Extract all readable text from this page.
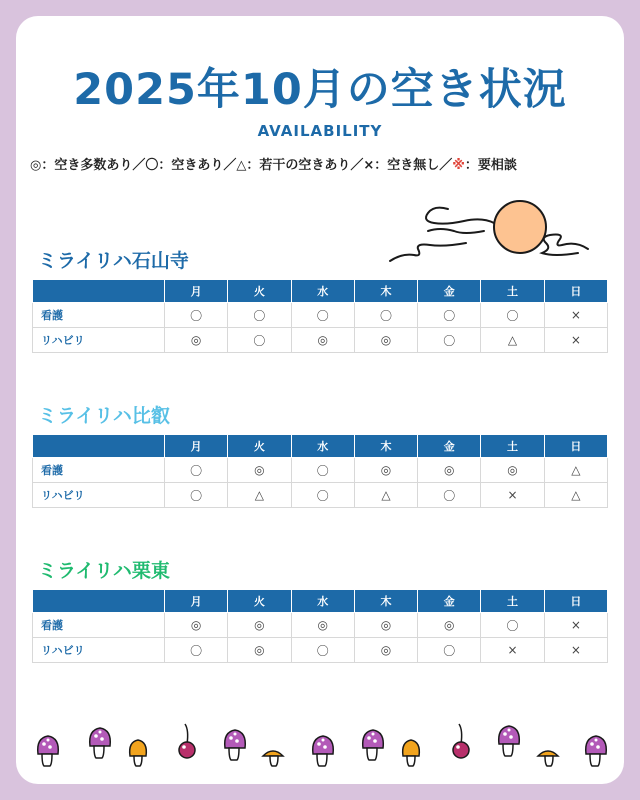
2025年10月の空き状況
AVAILABILITY
◎：空き多数あり／〇：空きあり／△：若干の空きあり／×：空き無し／※：要相談
ミライリハ石山寺
	月	火	水	木	金	土	日
看護	〇	〇	〇	〇	〇	〇	×
リハビリ	◎	〇	◎	◎	〇	△	×
ミライリハ比叡
	月	火	水	木	金	土	日
看護	〇	◎	〇	◎	◎	◎	△
リハビリ	〇	△	〇	△	〇	×	△
ミライリハ栗東
	月	火	水	木	金	土	日
看護	◎	◎	◎	◎	◎	〇	×
リハビリ	〇	◎	〇	◎	〇	×	×
